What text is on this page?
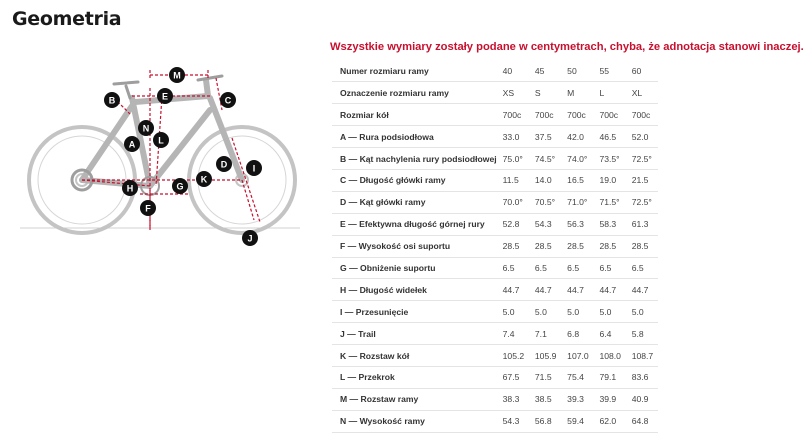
Geometria
Wszystkie wymiary zostały podane w centymetrach, chyba, że adnotacja stanowi inaczej.
M
B	E	C
N
A	L
D	I
H	G
K
F
J
Numer rozmiaru ramy	40	45	50	55	60
Oznaczenie rozmiaru ramy	XS	S	M	L	XL
Rozmiar kół	700c	700c	700c	700c	700c
A — Rura podsiodłowa	33.0	37.5	42.0	46.5	52.0
B — Kąt nachylenia rury podsiodłowej	75.0°	74.5°	74.0°	73.5°	72.5°
C — Długość główki ramy	11.5	14.0	16.5	19.0	21.5
D — Kąt główki ramy	70.0°	70.5°	71.0°	71.5°	72.5°
E — Efektywna długość górnej rury	52.8	54.3	56.3	58.3	61.3
F — Wysokość osi suportu	28.5	28.5	28.5	28.5	28.5
G — Obniżenie suportu	6.5	6.5	6.5	6.5	6.5
H — Długość widełek	44.7	44.7	44.7	44.7	44.7
I — Przesunięcie	5.0	5.0	5.0	5.0	5.0
J — Trail	7.4	7.1	6.8	6.4	5.8
K — Rozstaw kół	105.2	105.9	107.0	108.0	108.7
L — Przekrok	67.5	71.5	75.4	79.1	83.6
M — Rozstaw ramy	38.3	38.5	39.3	39.9	40.9
N — Wysokość ramy	54.3	56.8	59.4	62.0	64.8
